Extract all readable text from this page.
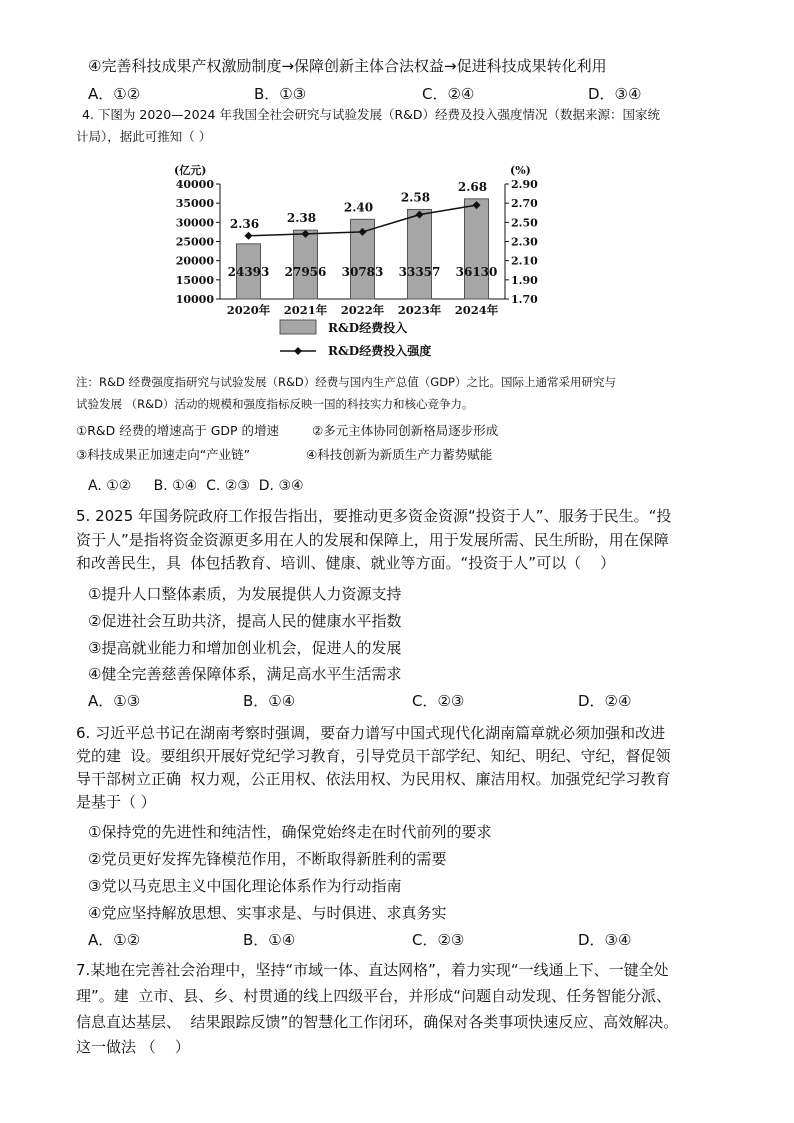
④完善科技成果产权激励制度→保障创新主体合法权益→促进科技成果转化利用
A．①②	B．①③	C．②④	D．③④
4. 下图为 2020—2024 年我国全社会研究与试验发展（R&D）经费及投入强度情况（数据来源：国家统
计局），据此可推知（ ）
(亿元)	(%)
40000
35000
30000
25000
20000
15000
10000
2.90
2.70
2.50
2.30
2.10
1.90
1.70
24393 27956 30783 33357 36130
2020年 2021年 2022年 2023年 2024年
2.36 2.38
2.40
2.58
2.68
R&D经费投入
R&D经费投入强度
注：R&D 经费强度指研究与试验发展（R&D）经费与国内生产总值（GDP）之比。国际上通常采用研究与
试验发展 （R&D）活动的规模和强度指标反映一国的科技实力和核心竞争力。
①R&D 经费的增速高于 GDP 的增速	②多元主体协同创新格局逐步形成
③科技成果正加速走向“产业链”	④科技创新为新质生产力蓄势赋能
A. ①②     B. ①④  C. ②③  D. ③④
5. 2025 年国务院政府工作报告指出，要推动更多资金资源“投资于人”、服务于民生。“投
资于人”是指将资金资源更多用在人的发展和保障上，用于发展所需、民生所盼，用在保障
和改善民生，具  体包括教育、培训、健康、就业等方面。“投资于人”可以（    ）
①提升人口整体素质，为发展提供人力资源支持
②促进社会互助共济，提高人民的健康水平指数
③提高就业能力和增加创业机会，促进人的发展
④健全完善慈善保障体系，满足高水平生活需求
A．①③	B．①④	C．②③	D．②④
6. 习近平总书记在湖南考察时强调，要奋力谱写中国式现代化湖南篇章就必须加强和改进
党的建  设。要组织开展好党纪学习教育，引导党员干部学纪、知纪、明纪、守纪，督促领
导干部树立正确  权力观，公正用权、依法用权、为民用权、廉洁用权。加强党纪学习教育
是基于（ ）
①保持党的先进性和纯洁性，确保党始终走在时代前列的要求
②党员更好发挥先锋模范作用，不断取得新胜利的需要
③党以马克思主义中国化理论体系作为行动指南
④党应坚持解放思想、实事求是、与时俱进、求真务实
A．①②	B．①④	C．②③	D．③④
7.某地在完善社会治理中，坚持“市域一体、直达网格”，着力实现“一线通上下、一键全处
理”。建  立市、县、乡、村贯通的线上四级平台，并形成“问题自动发现、任务智能分派、
信息直达基层、  结果跟踪反馈”的智慧化工作闭环，确保对各类事项快速反应、高效解决。
这一做法 （    ）
